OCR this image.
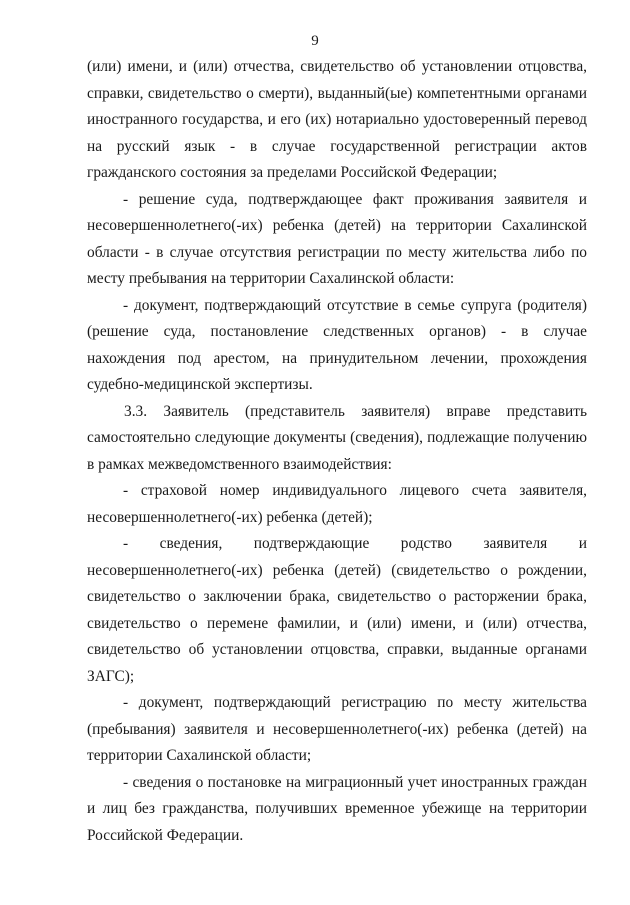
9

(или) имени, и (или) отчества, свидетельство об установлении отцовства, справки, свидетельство о смерти), выданный(ые) компетентными органами иностранного государства, и его (их) нотариально удостоверенный перевод на русский язык - в случае государственной регистрации актов гражданского состояния за пределами Российской Федерации;

- решение суда, подтверждающее факт проживания заявителя и несовершеннолетнего(-их) ребенка (детей) на территории Сахалинской области - в случае отсутствия регистрации по месту жительства либо по месту пребывания на территории Сахалинской области:

- документ, подтверждающий отсутствие в семье супруга (родителя) (решение суда, постановление следственных органов) - в случае нахождения под арестом, на принудительном лечении, прохождения судебно-медицинской экспертизы.

3.3. Заявитель (представитель заявителя) вправе представить самостоятельно следующие документы (сведения), подлежащие получению в рамках межведомственного взаимодействия:

- страховой номер индивидуального лицевого счета заявителя, несовершеннолетнего(-их) ребенка (детей);

- сведения, подтверждающие родство заявителя и несовершеннолетнего(-их) ребенка (детей) (свидетельство о рождении, свидетельство о заключении брака, свидетельство о расторжении брака, свидетельство о перемене фамилии, и (или) имени, и (или) отчества, свидетельство об установлении отцовства, справки, выданные органами ЗАГС);

- документ, подтверждающий регистрацию по месту жительства (пребывания) заявителя и несовершеннолетнего(-их) ребенка (детей) на территории Сахалинской области;

- сведения о постановке на миграционный учет иностранных граждан и лиц без гражданства, получивших временное убежище на территории Российской Федерации.
